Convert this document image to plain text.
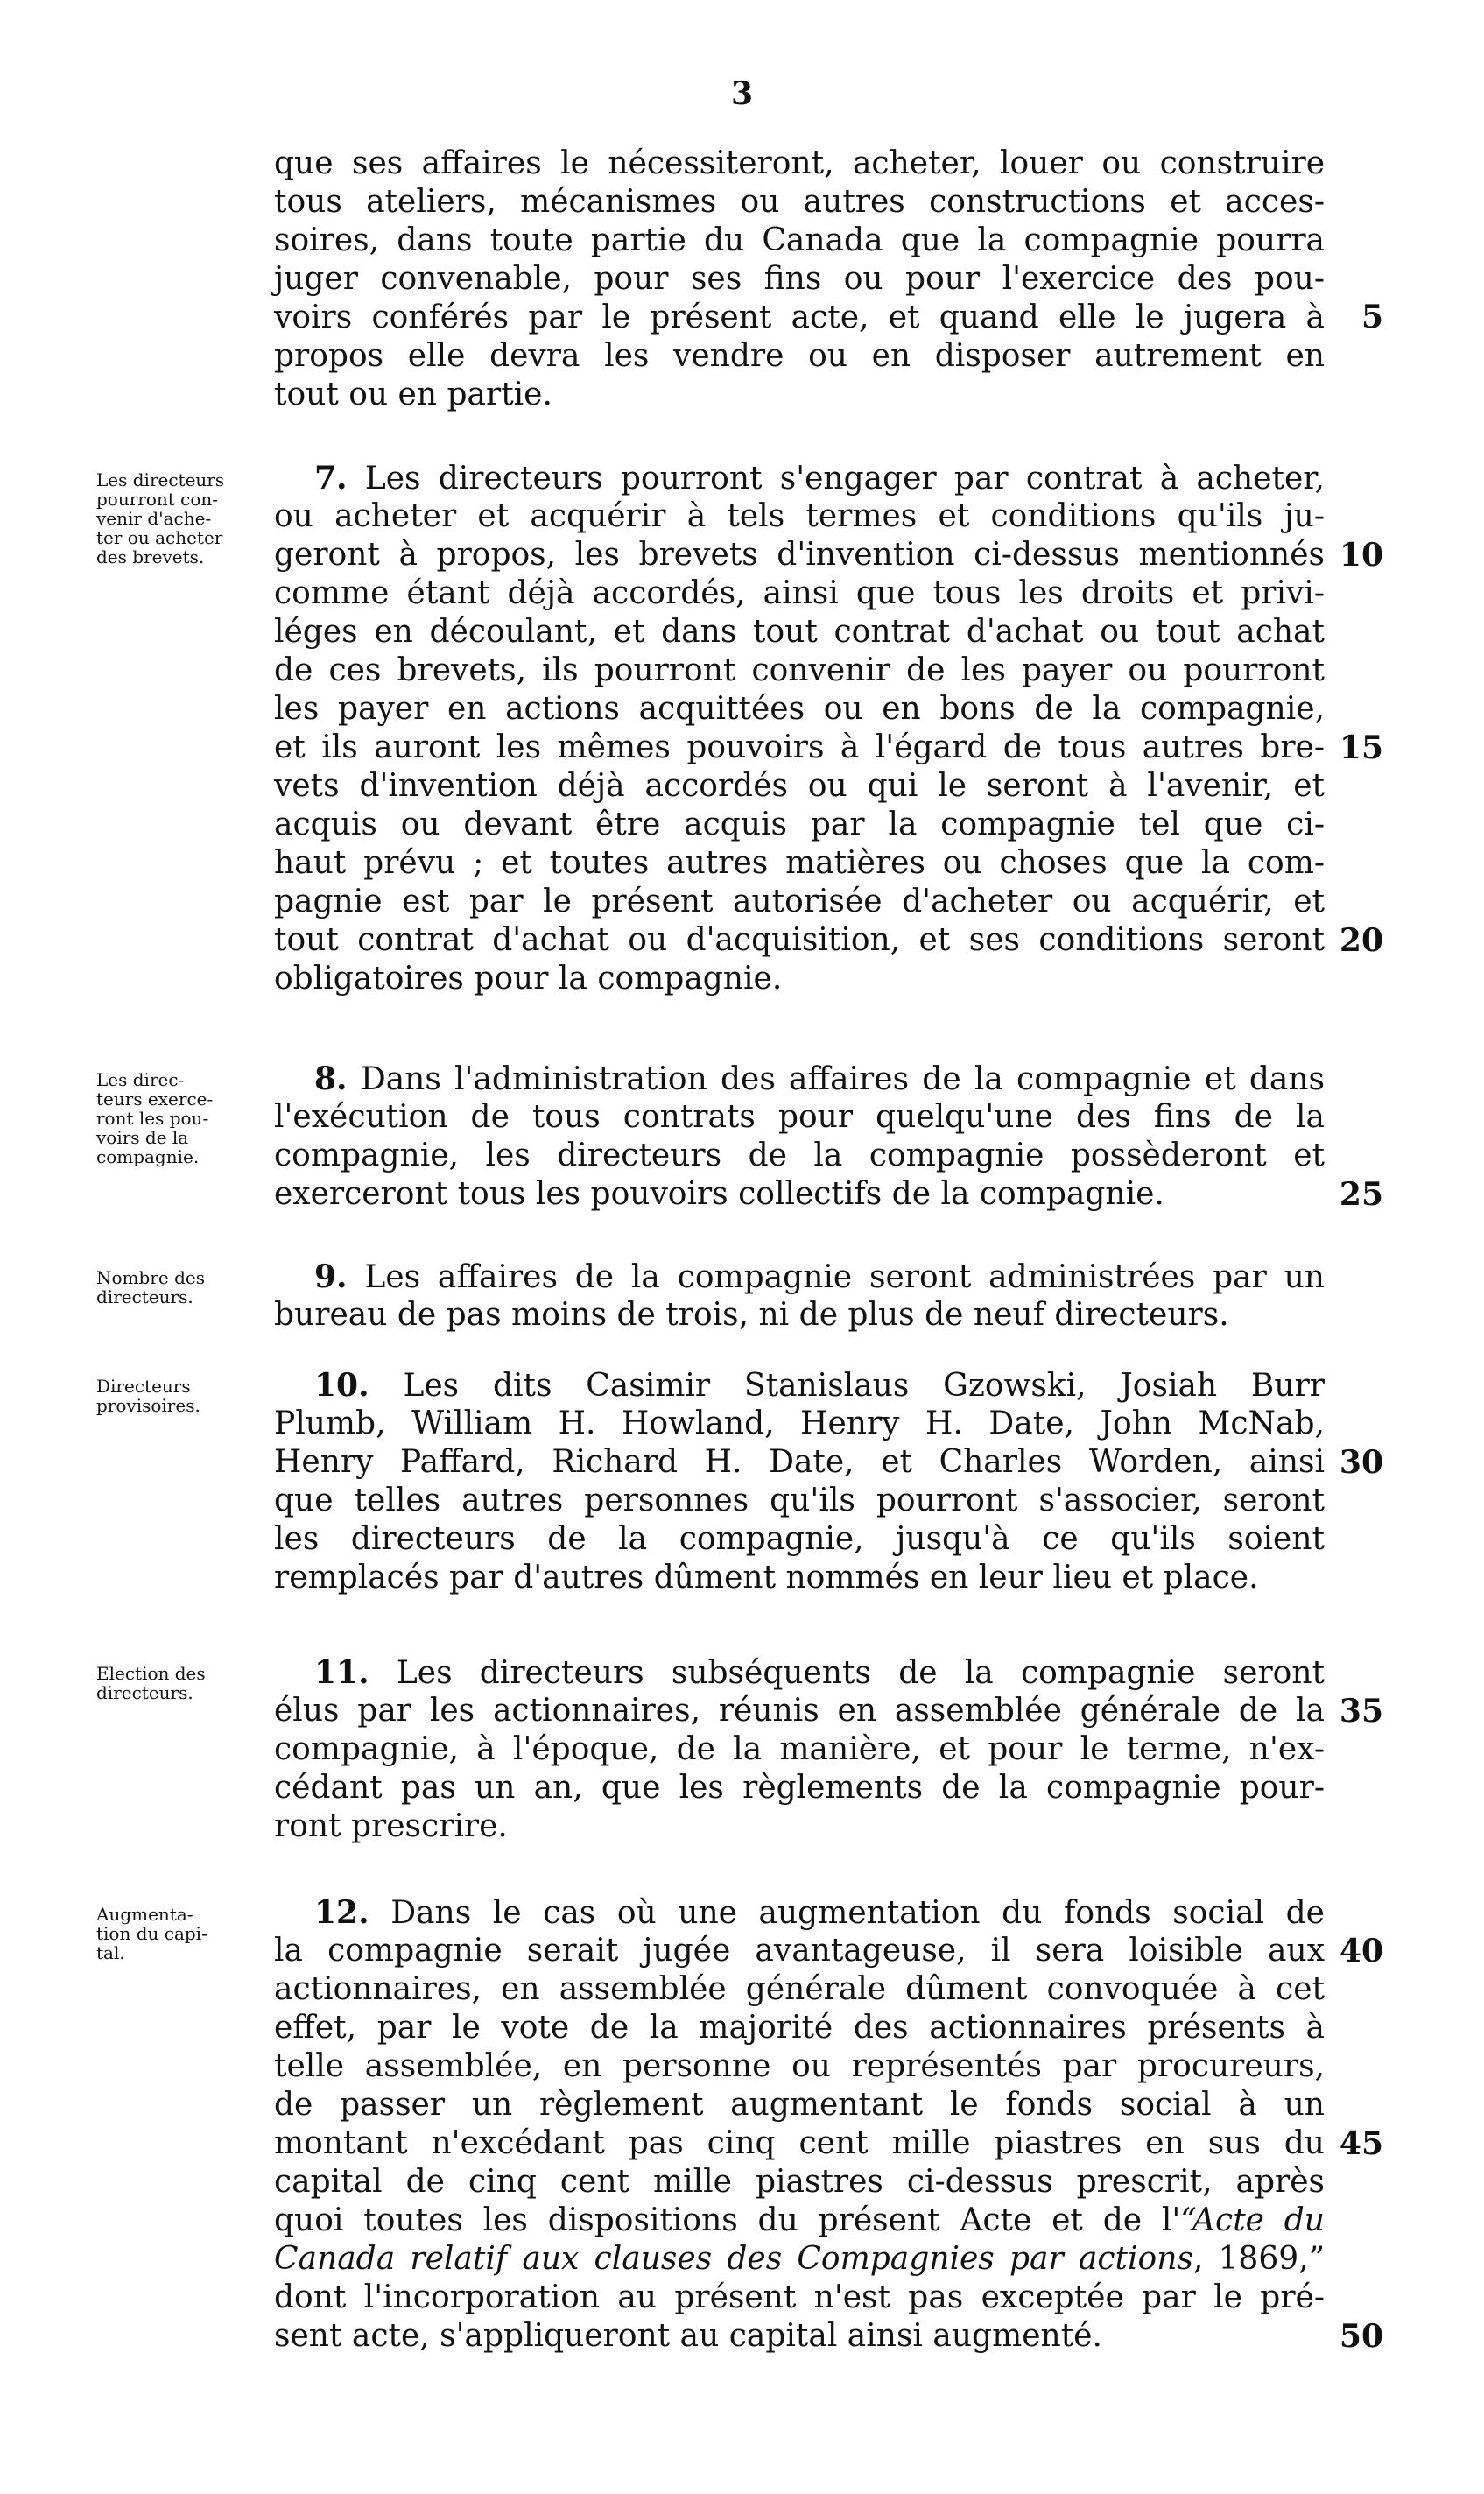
3
que ses affaires le nécessiteront, acheter, louer ou construire
tous ateliers, mécanismes ou autres constructions et acces-
soires, dans toute partie du Canada que la compagnie pourra
juger convenable, pour ses fins ou pour l'exercice des pou-
voirs conférés par le présent acte, et quand elle le jugera à
propos elle devra les vendre ou en disposer autrement en
tout ou en partie.
5
Les directeurs
pourront con-
venir d'ache-
ter ou acheter
des brevets.
7. Les directeurs pourront s'engager par contrat à acheter,
ou acheter et acquérir à tels termes et conditions qu'ils ju-
geront à propos, les brevets d'invention ci-dessus mentionnés
comme étant déjà accordés, ainsi que tous les droits et privi-
léges en découlant, et dans tout contrat d'achat ou tout achat
de ces brevets, ils pourront convenir de les payer ou pourront
les payer en actions acquittées ou en bons de la compagnie,
et ils auront les mêmes pouvoirs à l'égard de tous autres bre-
vets d'invention déjà accordés ou qui le seront à l'avenir, et
acquis ou devant être acquis par la compagnie tel que ci-
haut prévu ; et toutes autres matières ou choses que la com-
pagnie est par le présent autorisée d'acheter ou acquérir, et
tout contrat d'achat ou d'acquisition, et ses conditions seront
obligatoires pour la compagnie.
10
15
20
Les direc-
teurs exerce-
ront les pou-
voirs de la
compagnie.
8. Dans l'administration des affaires de la compagnie et dans
l'exécution de tous contrats pour quelqu'une des fins de la
compagnie, les directeurs de la compagnie possèderont et
exerceront tous les pouvoirs collectifs de la compagnie.	25
Nombre des
directeurs.
9. Les affaires de la compagnie seront administrées par un
bureau de pas moins de trois, ni de plus de neuf directeurs.
Directeurs
provisoires.
10. Les dits Casimir Stanislaus Gzowski, Josiah Burr
Plumb, William H. Howland, Henry H. Date, John McNab,
Henry Paffard, Richard H. Date, et Charles Worden, ainsi
que telles autres personnes qu'ils pourront s'associer, seront
les directeurs de la compagnie, jusqu'à ce qu'ils soient
remplacés par d'autres dûment nommés en leur lieu et place.
30
Election des
directeurs.
11. Les directeurs subséquents de la compagnie seront
élus par les actionnaires, réunis en assemblée générale de la
compagnie, à l'époque, de la manière, et pour le terme, n'ex-
cédant pas un an, que les règlements de la compagnie pour-
ront prescrire.
35
Augmenta-
tion du capi-
tal.
12. Dans le cas où une augmentation du fonds social de
la compagnie serait jugée avantageuse, il sera loisible aux
actionnaires, en assemblée générale dûment convoquée à cet
effet, par le vote de la majorité des actionnaires présents à
telle assemblée, en personne ou représentés par procureurs,
de passer un règlement augmentant le fonds social à un
montant n'excédant pas cinq cent mille piastres en sus du
capital de cinq cent mille piastres ci-dessus prescrit, après
quoi toutes les dispositions du présent Acte et de l'“Acte du
Canada relatif aux clauses des Compagnies par actions, 1869,”
dont l'incorporation au présent n'est pas exceptée par le pré-
sent acte, s'appliqueront au capital ainsi augmenté.
40
45
50
